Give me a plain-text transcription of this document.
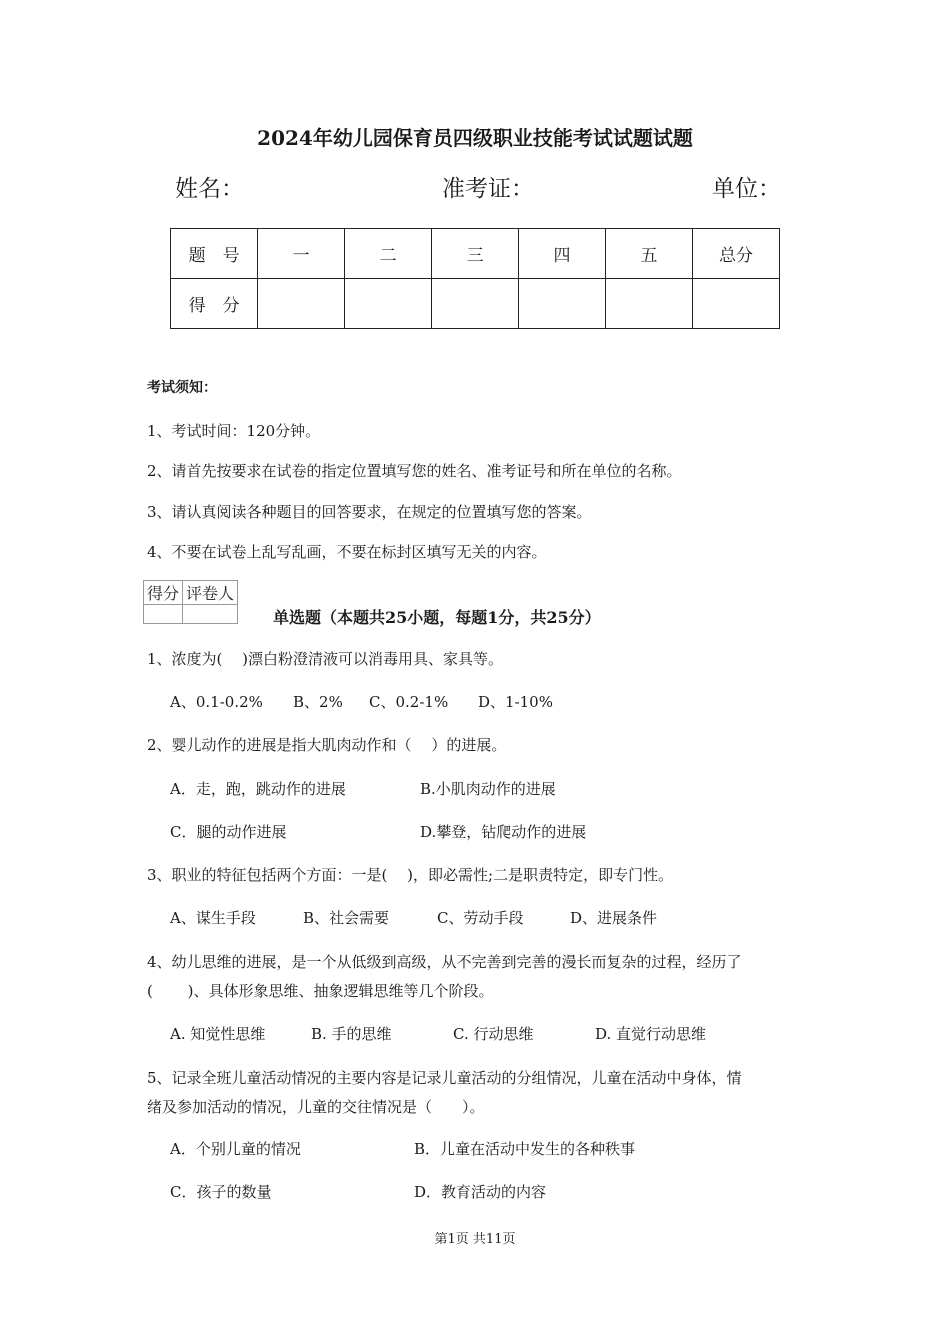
2024年幼儿园保育员四级职业技能考试试题试题
姓名：	准考证：	单位：
题　号	一	二	三	四	五	总分
得　分						
考试须知：
1、考试时间：120分钟。
2、请首先按要求在试卷的指定位置填写您的姓名、准考证号和所在单位的名称。
3、请认真阅读各种题目的回答要求，在规定的位置填写您的答案。
4、不要在试卷上乱写乱画，不要在标封区填写无关的内容。
得分	评卷人

单选题（本题共25小题，每题1分，共25分）
1、浓度为(　 )漂白粉澄清液可以消毒用具、家具等。
A、0.1-0.2% B、2% C、0.2-1% D、1-10%
2、婴儿动作的进展是指大肌肉动作和（　 ）的进展。
A．走，跑，跳动作的进展	B.小肌肉动作的进展
C．腿的动作进展	D.攀登，钻爬动作的进展
3、职业的特征包括两个方面：一是(　 )，即必需性;二是职责特定，即专门性。
A、谋生手段	B、社会需要	C、劳动手段	D、进展条件
4、幼儿思维的进展，是一个从低级到高级，从不完善到完善的漫长而复杂的过程，经历了
(　　 )、具体形象思维、抽象逻辑思维等几个阶段。
A. 知觉性思维	B. 手的思维	C. 行动思维	D. 直觉行动思维
5、记录全班儿童活动情况的主要内容是记录儿童活动的分组情况，儿童在活动中身体，情
绪及参加活动的情况，儿童的交往情况是（　　）。
A．个别儿童的情况	B．儿童在活动中发生的各种秩事
C．孩子的数量	D．教育活动的内容
第1页 共11页
